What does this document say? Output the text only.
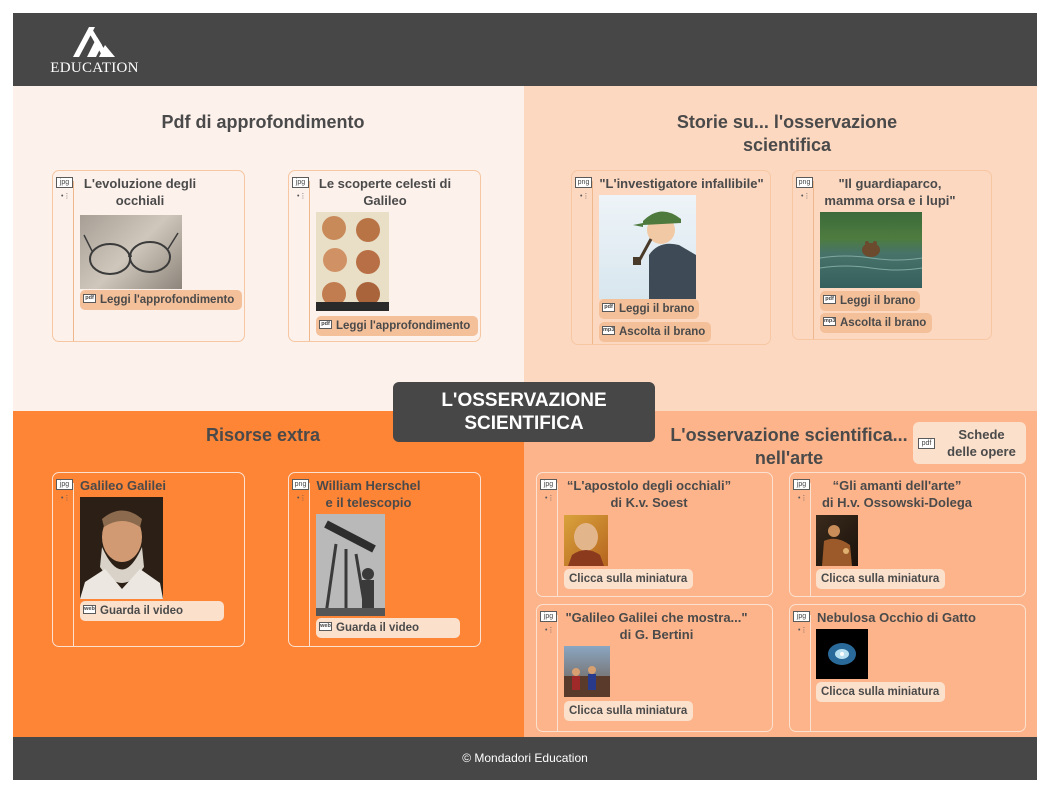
EDUCATION
Pdf di approfondimento
jpg
•⋮
L'evoluzione degli
occhiali
pdf Leggi l'approfondimento
jpg
•⋮
Le scoperte celesti di
Galileo
pdf Leggi l'approfondimento
Storie su... l'osservazione
scientifica
png
•⋮
"L'investigatore infallibile"
pdf Leggi il brano
mp3 Ascolta il brano
png
•⋮
"Il guardiaparco,
mamma orsa e i lupi"
pdf Leggi il brano
mp3 Ascolta il brano
Risorse extra
jpg
•⋮
Galileo Galilei
web Guarda il video
png
•⋮
William Herschel
e il telescopio
web Guarda il video
L'osservazione scientifica...
nell'arte
jpg
•⋮
“L'apostolo degli occhiali”
di K.v. Soest
Clicca sulla miniatura
jpg
•⋮
“Gli amanti dell'arte”
di H.v. Ossowski-Dolega
Clicca sulla miniatura
jpg
•⋮
"Galileo Galilei che mostra..."
di G. Bertini
Clicca sulla miniatura
jpg
•⋮
Nebulosa Occhio di Gatto
Clicca sulla miniatura
pdf
Schede
delle opere
L'OSSERVAZIONE
SCIENTIFICA
© Mondadori Education
